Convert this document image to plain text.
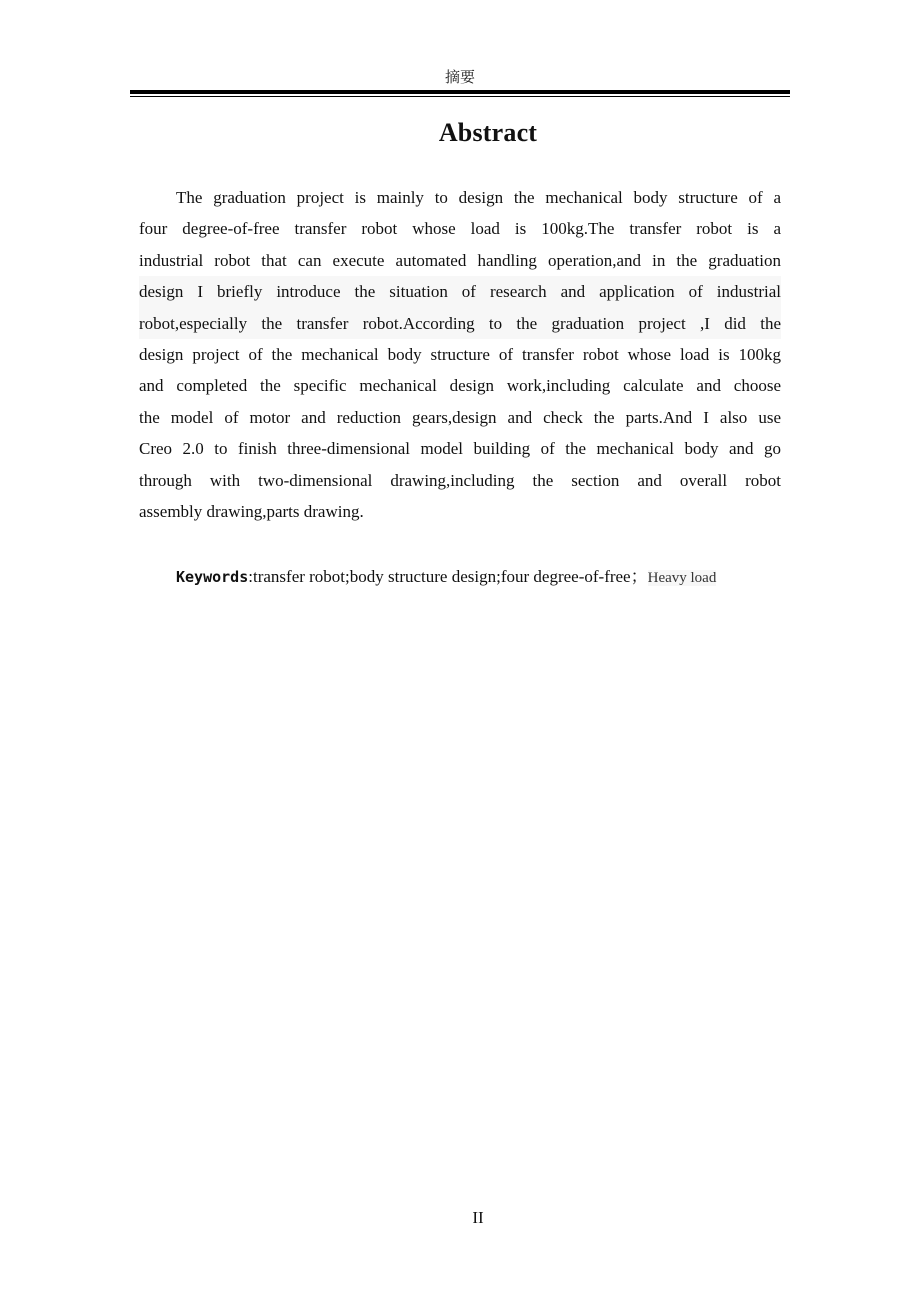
摘要
Abstract
The graduation project is mainly to design the mechanical body structure of a
four degree-of-free transfer robot whose load is 100kg.The transfer robot is a
industrial robot that can execute automated handling operation,and in the graduation
design I briefly introduce the situation of research and application of industrial
robot,especially the transfer robot.According to the graduation project ,I did the
design project of the mechanical body structure of transfer robot whose load is 100kg
and completed the specific mechanical design work,including calculate and choose
the model of motor and reduction gears,design and check the parts.And I also use
Creo 2.0 to finish three-dimensional model building of the mechanical body and go
through with two-dimensional drawing,including the section and overall robot
assembly drawing,parts drawing.
Keywords:transfer robot;body structure design;four degree-of-free；Heavy load
II
